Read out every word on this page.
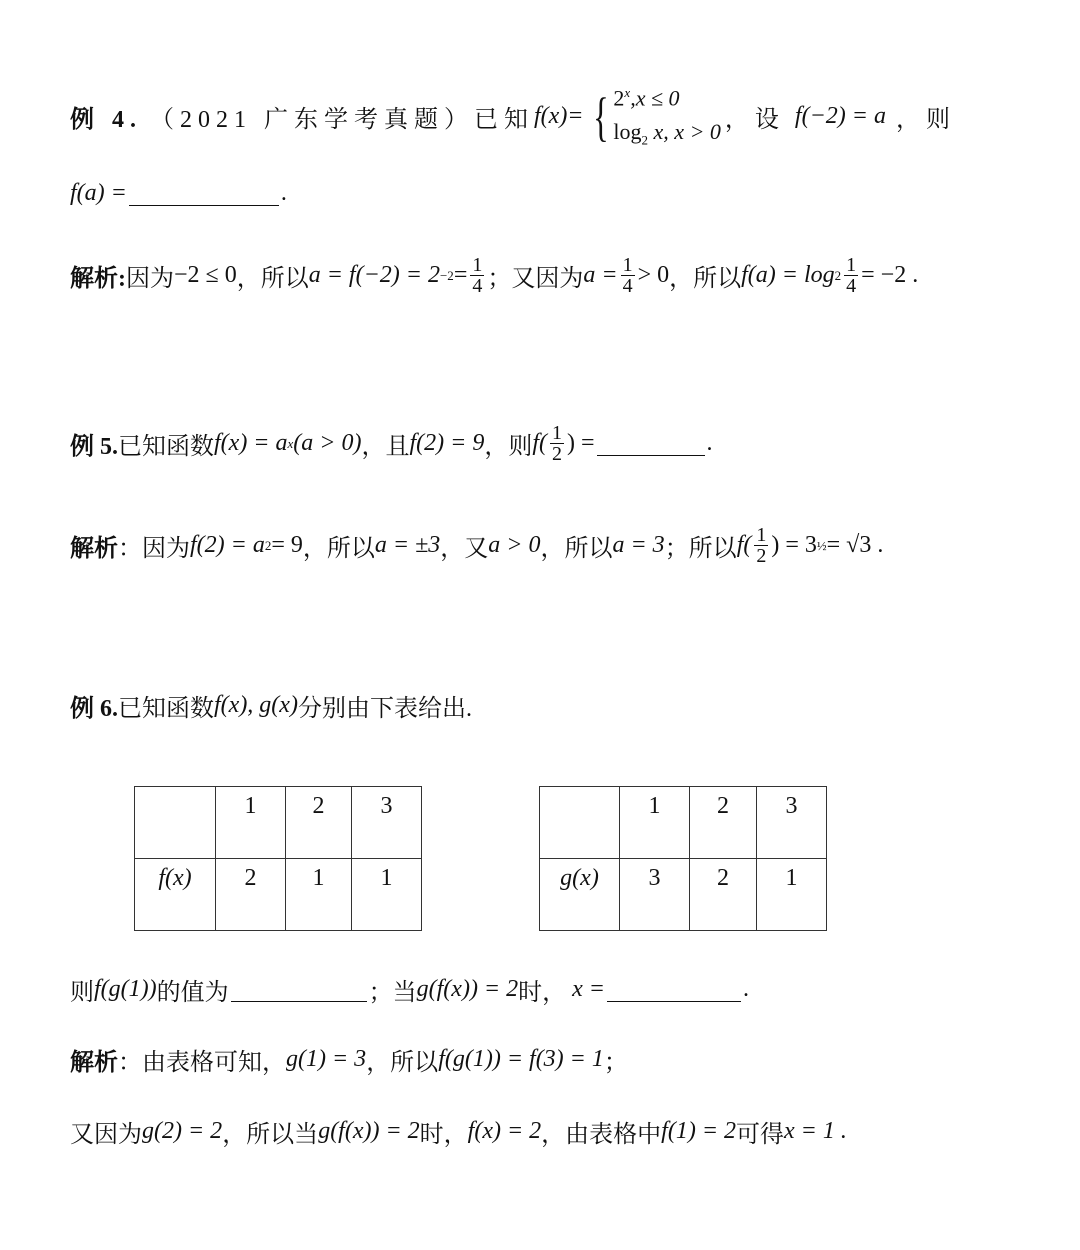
例 4. （2021 广东学考真题） 已知 f(x)= { $2^x,x \le 0$
$\log_2 x$, x > 0 ，设 f(−2) = a ，则
f(a) =	.
解析: 因为 −2 ≤ 0 ，所以 $a = f(-2) = 2 -2 = \frac{1}{4}$ ；又因为 $a = \frac{1}{4} > 0$ ，所以 $f(a) = \log 2 \frac{1}{4} = -2$ .
例 5. 已知函数 f(x) = a x (a > 0) ，且 f(2) = 9 ，则 $f( \frac{1}{2}$ ) =	.
解析 ： 因为 f(2) = a 2 = 9 ，所以 a = ±3 ，又 a > 0 ，所以 a = 3 ；所以 $f( \frac{1}{2}$ ) = 3 ½ = √3 .
例 6. 已知函数 f(x), g(x) 分别由下表给出.
	1	2	3
f(x)	2	1	1
	1	2	3
g(x)	3	2	1
则 f(g(1)) 的值为	；当 g(f(x)) = 2 时， x =	.
解析 ： 由表格可知， g(1) = 3 ，所以 f(g(1)) = f(3) = 1 ；
又因为 g(2) = 2 ，所以当 g(f(x)) = 2 时， f(x) = 2 ，由表格中 f(1) = 2 可得 x = 1 .
